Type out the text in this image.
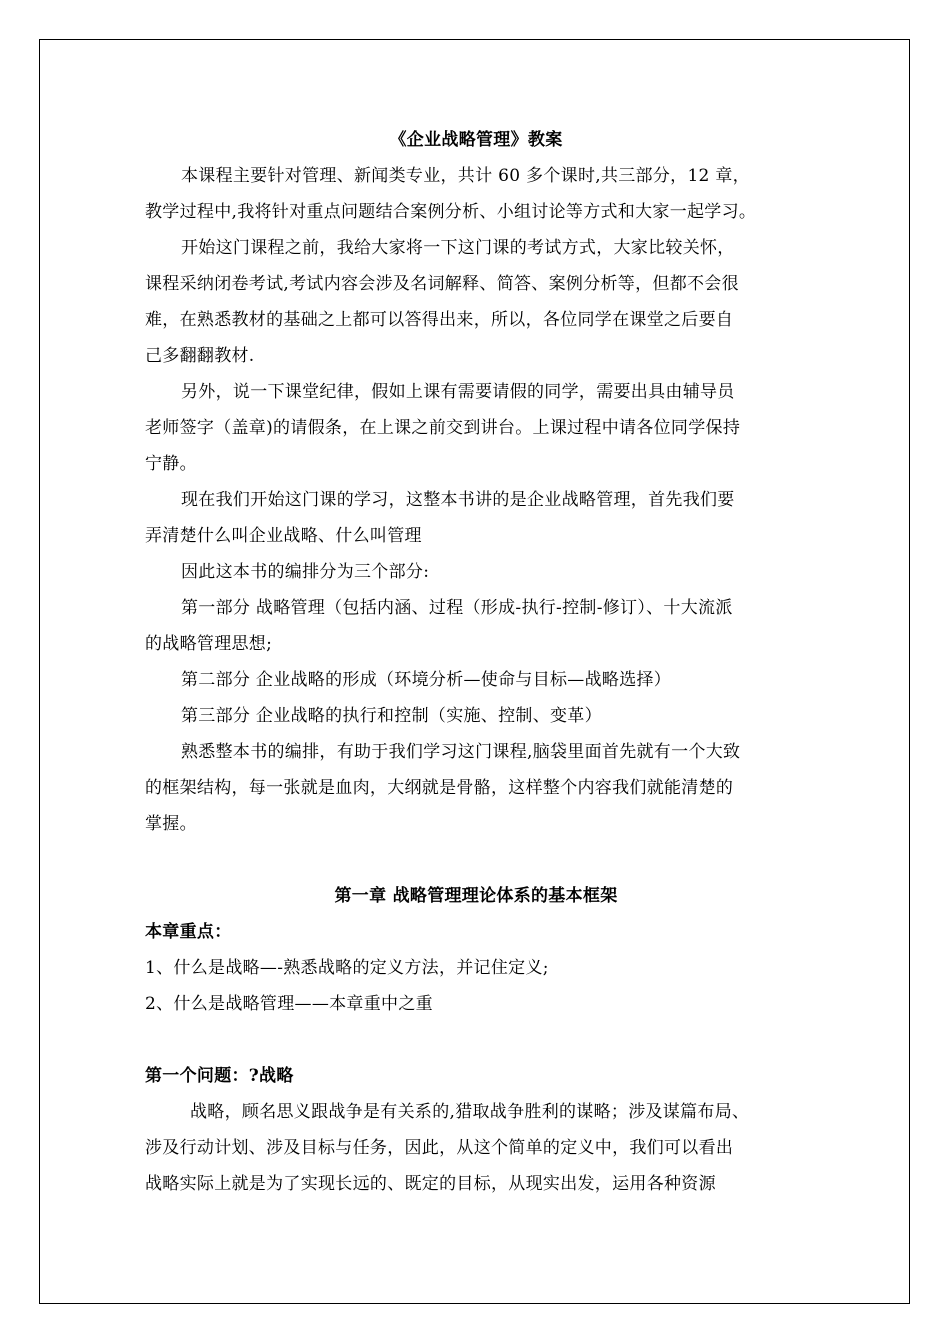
《企业战略管理》教案
本课程主要针对管理、新闻类专业，共计 60 多个课时,共三部分，12 章，
教学过程中,我将针对重点问题结合案例分析、小组讨论等方式和大家一起学习。
开始这门课程之前，我给大家将一下这门课的考试方式，大家比较关怀，
课程采纳闭卷考试,考试内容会涉及名词解释、简答、案例分析等，但都不会很
难，在熟悉教材的基础之上都可以答得出来，所以，各位同学在课堂之后要自
己多翻翻教材.
另外，说一下课堂纪律，假如上课有需要请假的同学，需要出具由辅导员
老师签字（盖章)的请假条，在上课之前交到讲台。上课过程中请各位同学保持
宁静。
现在我们开始这门课的学习，这整本书讲的是企业战略管理，首先我们要
弄清楚什么叫企业战略、什么叫管理
因此这本书的编排分为三个部分:
第一部分 战略管理（包括内涵、过程（形成-执行-控制-修订）、十大流派
的战略管理思想;
第二部分 企业战略的形成（环境分析—使命与目标—战略选择）
第三部分 企业战略的执行和控制（实施、控制、变革）
熟悉整本书的编排，有助于我们学习这门课程,脑袋里面首先就有一个大致
的框架结构，每一张就是血肉，大纲就是骨骼，这样整个内容我们就能清楚的
掌握。
第一章 战略管理理论体系的基本框架
本章重点：
1、什么是战略—-熟悉战略的定义方法，并记住定义;
2、什么是战略管理——本章重中之重
第一个问题：?战略
战略，顾名思义跟战争是有关系的,猎取战争胜利的谋略；涉及谋篇布局、
涉及行动计划、涉及目标与任务，因此，从这个简单的定义中，我们可以看出
战略实际上就是为了实现长远的、既定的目标，从现实出发，运用各种资源
